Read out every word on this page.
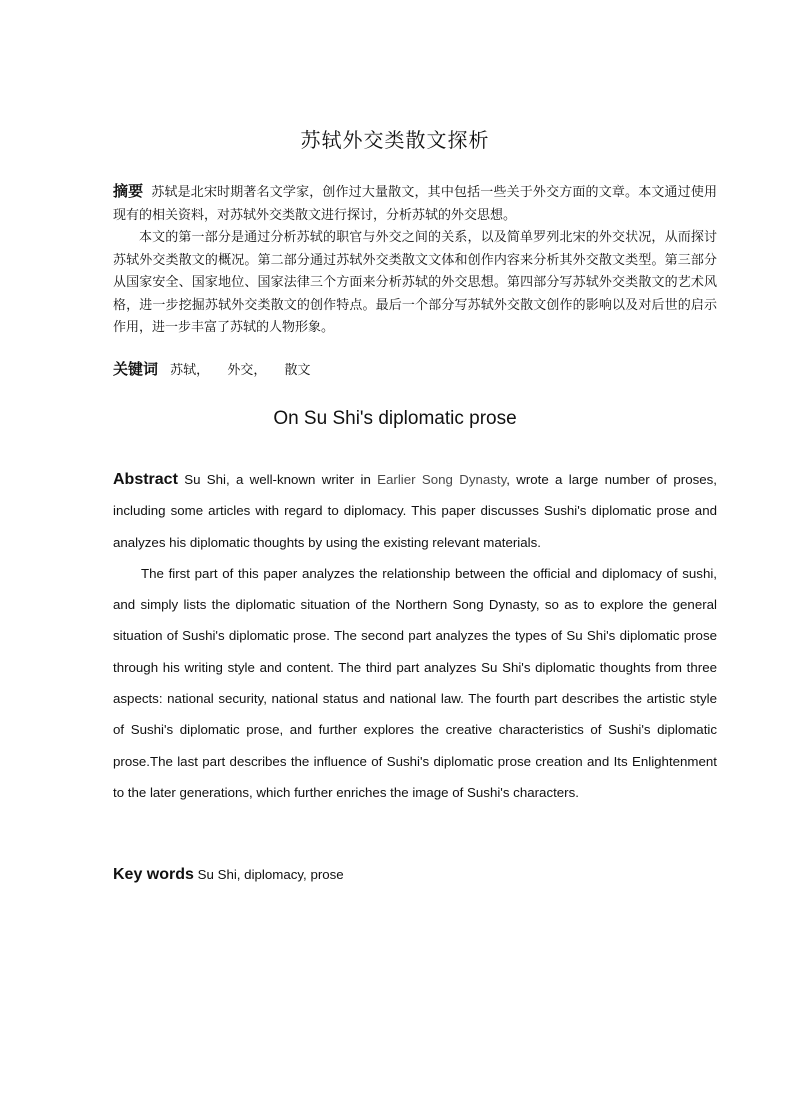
苏轼外交类散文探析

摘要 苏轼是北宋时期著名文学家，创作过大量散文，其中包括一些关于外交方面的文章。本文通过使用现有的相关资料，对苏轼外交类散文进行探讨，分析苏轼的外交思想。

本文的第一部分是通过分析苏轼的职官与外交之间的关系，以及简单罗列北宋的外交状况，从而探讨苏轼外交类散文的概况。第二部分通过苏轼外交类散文文体和创作内容来分析其外交散文类型。第三部分从国家安全、国家地位、国家法律三个方面来分析苏轼的外交思想。第四部分写苏轼外交类散文的艺术风格，进一步挖掘苏轼外交类散文的创作特点。最后一个部分写苏轼外交散文创作的影响以及对后世的启示作用，进一步丰富了苏轼的人物形象。

关键词 苏轼， 外交， 散文
On Su Shi's diplomatic prose

Abstract Su Shi, a well-known writer in Earlier Song Dynasty, wrote a large number of proses, including some articles with regard to diplomacy. This paper discusses Sushi's diplomatic prose and analyzes his diplomatic thoughts by using the existing relevant materials.

The first part of this paper analyzes the relationship between the official and diplomacy of sushi, and simply lists the diplomatic situation of the Northern Song Dynasty, so as to explore the general situation of Sushi's diplomatic prose. The second part analyzes the types of Su Shi's diplomatic prose through his writing style and content. The third part analyzes Su Shi's diplomatic thoughts from three aspects: national security, national status and national law. The fourth part describes the artistic style of Sushi's diplomatic prose, and further explores the creative characteristics of Sushi's diplomatic prose.The last part describes the influence of Sushi's diplomatic prose creation and Its Enlightenment to the later generations, which further enriches the image of Sushi's characters.

Key words Su Shi, diplomacy, prose
